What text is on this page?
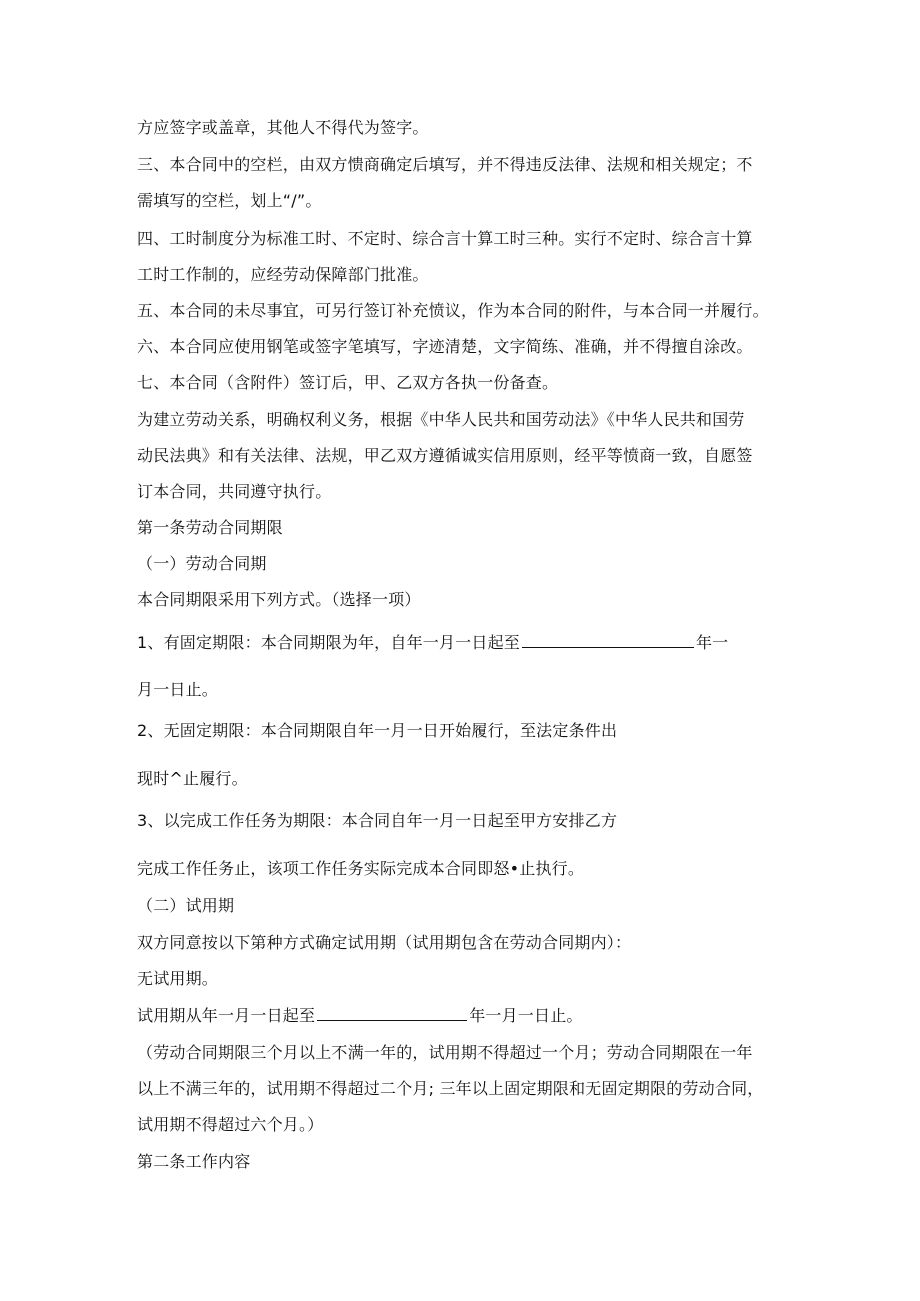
方应签字或盖章，其他人不得代为签字。
三、本合同中的空栏，由双方愦商确定后填写，并不得违反法律、法规和相关规定；不
需填写的空栏，划上“/”。
四、工时制度分为标准工时、不定时、综合言十算工时三种。实行不定时、综合言十算
工时工作制的，应经劳动保障部门批准。
五、本合同的未尽事宜，可另行签订补充愤议，作为本合同的附件，与本合同一并履行。
六、本合同应使用钢笔或签字笔填写，字迹清楚，文字简练、准确，并不得擅自涂改。
七、本合同（含附件）签订后，甲、乙双方各执一份备查。
为建立劳动关系，明确权利义务，根据《中华人民共和国劳动法》《中华人民共和国劳
动民法典》和有关法律、法规，甲乙双方遵循诚实信用原则，经平等愤商一致，自愿签
订本合同，共同遵守执行。
第一条劳动合同期限
（一）劳动合同期
本合同期限采用下列方式。（选择一项）
1、有固定期限：本合同期限为年，自年一月一日起至	年一
月一日止。
2、无固定期限：本合同期限自年一月一日开始履行，至法定条件出
现时^止履行。
3、以完成工作任务为期限：本合同自年一月一日起至甲方安排乙方
完成工作任务止，该项工作任务实际完成本合同即怒•止执行。
（二）试用期
双方同意按以下第种方式确定试用期（试用期包含在劳动合同期内）：
无试用期。
试用期从年一月一日起至	年一月一日止。
（劳动合同期限三个月以上不满一年的，试用期不得超过一个月；劳动合同期限在一年
以上不满三年的，试用期不得超过二个月; 三年以上固定期限和无固定期限的劳动合同，
试用期不得超过六个月。）
第二条工作内容
